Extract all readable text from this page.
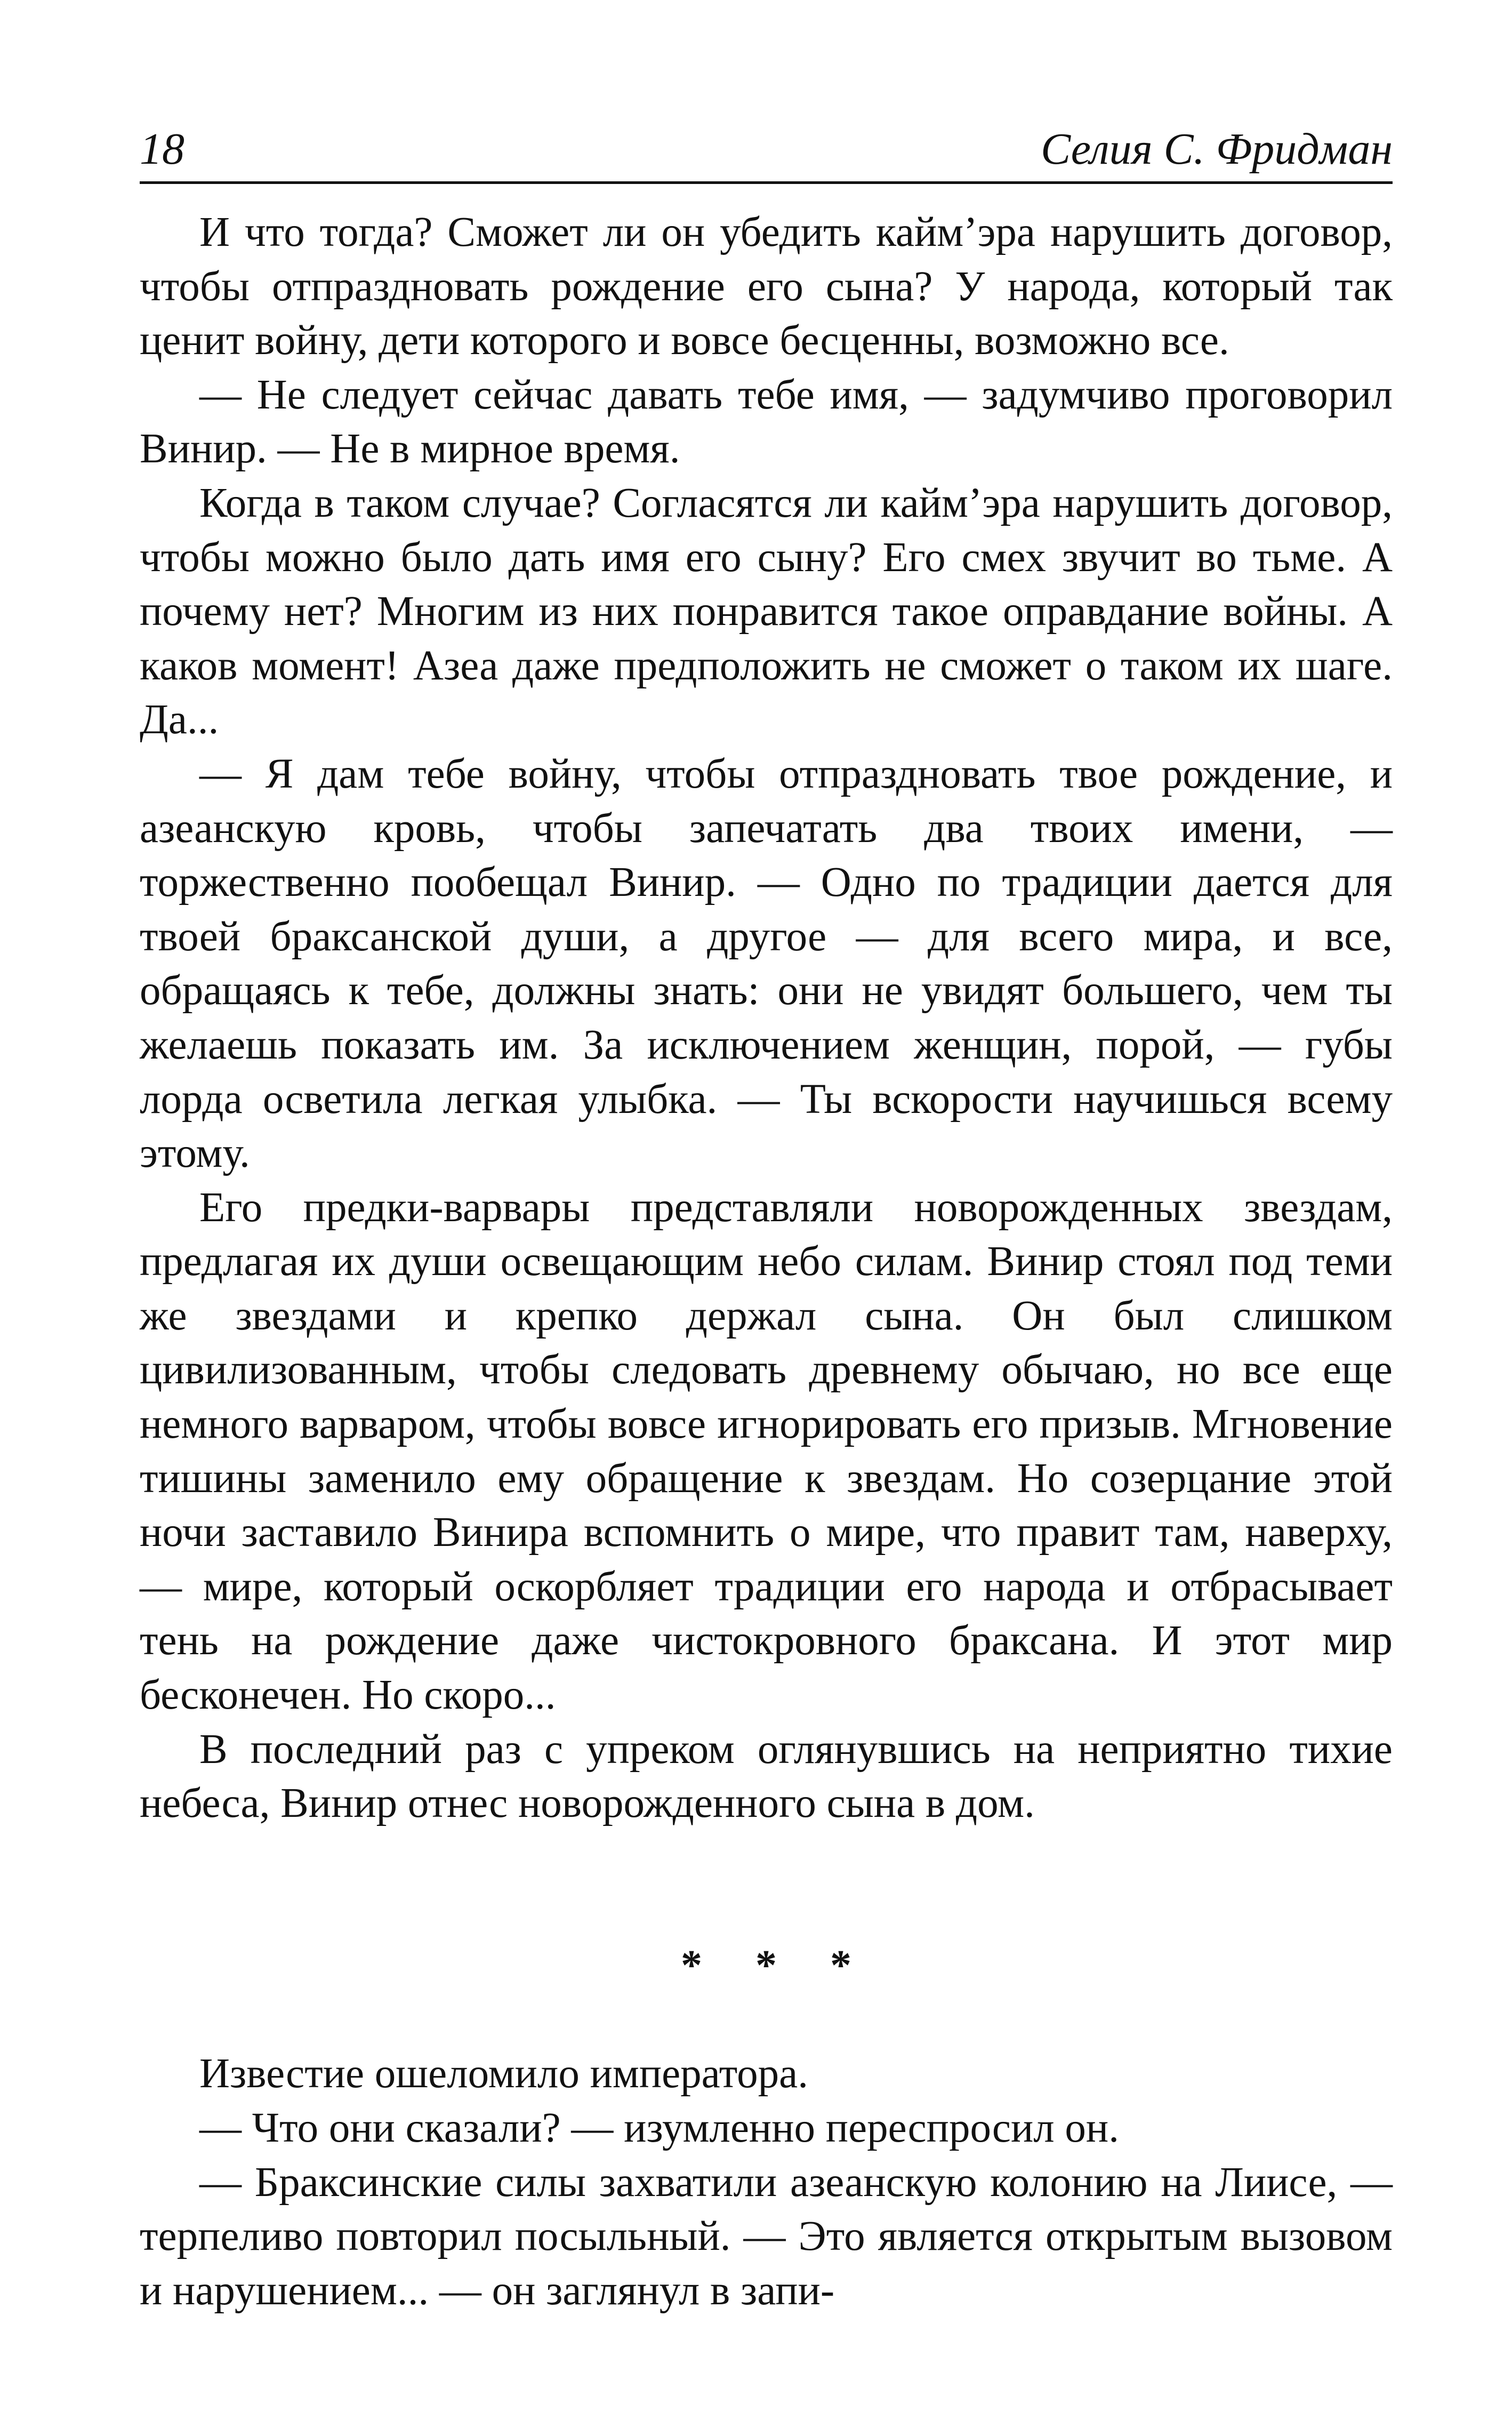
18	Селия С. Фридман

И что тогда? Сможет ли он убедить кайм’эра нарушить договор, чтобы отпраздновать рождение его сына? У народа, который так ценит войну, дети которого и вовсе бесценны, возможно все.

— Не следует сейчас давать тебе имя, — задумчиво проговорил Винир. — Не в мирное время.

Когда в таком случае? Согласятся ли кайм’эра нарушить договор, чтобы можно было дать имя его сыну? Его смех звучит во тьме. А почему нет? Многим из них понравится такое оправдание войны. А каков момент! Азеа даже предположить не сможет о таком их шаге. Да...

— Я дам тебе войну, чтобы отпраздновать твое рождение, и азеанскую кровь, чтобы запечатать два твоих имени, — торжественно пообещал Винир. — Одно по традиции дается для твоей браксанской души, а другое — для всего мира, и все, обращаясь к тебе, должны знать: они не увидят большего, чем ты желаешь показать им. За исключением женщин, порой, — губы лорда осветила легкая улыбка. — Ты вскорости научишься всему этому.

Его предки-варвары представляли новорожденных звездам, предлагая их души освещающим небо силам. Винир стоял под теми же звездами и крепко держал сына. Он был слишком цивилизованным, чтобы следовать древнему обычаю, но все еще немного варваром, чтобы вовсе игнорировать его призыв. Мгновение тишины заменило ему обращение к звездам. Но созерцание этой ночи заставило Винира вспомнить о мире, что правит там, наверху, — мире, который оскорбляет традиции его народа и отбрасывает тень на рождение даже чистокровного браксана. И этот мир бесконечен. Но скоро...

В последний раз с упреком оглянувшись на неприятно тихие небеса, Винир отнес новорожденного сына в дом.

* * *

Известие ошеломило императора.

— Что они сказали? — изумленно переспросил он.

— Браксинские силы захватили азеанскую колонию на Лиисе, — терпеливо повторил посыльный. — Это является открытым вызовом и нарушением... — он заглянул в запи-
